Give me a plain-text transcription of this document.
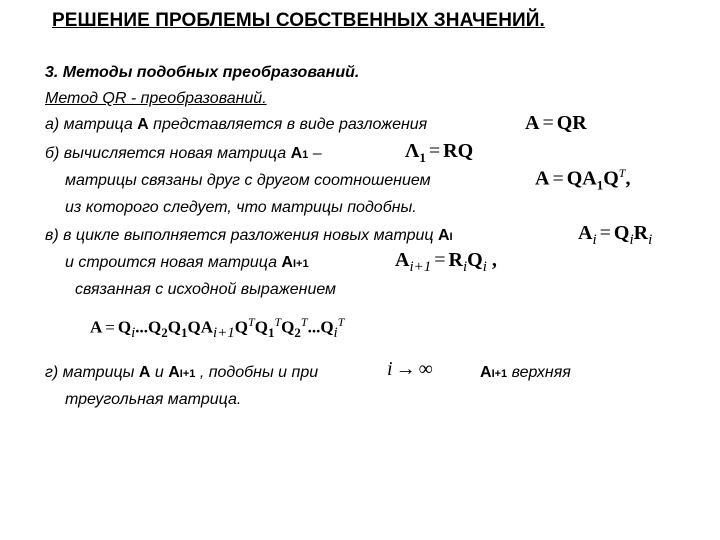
РЕШЕНИЕ ПРОБЛЕМЫ СОБСТВЕННЫХ ЗНАЧЕНИЙ.
3. Методы подобных преобразований.
Метод QR - преобразований.
а) матрица А представляется в виде разложения	A = QR
б) вычисляется новая матрица А1 –	$\Lambda_1$ = RQ
матрицы связаны друг с другом соотношением	$A = QA_1Q^T$,
из которого следует, что матрицы подобны.
в) в цикле выполняется разложения новых матриц АI	$A_i = Q_iR_i$
и строится новая матрица АI+1	$A_{i+1} = R_iQ_i$ ,
связанная с исходной выражением
$A = Q_i...Q_2Q_1QA_{i+1}Q^TQ_1^TQ_2^T...Q_i^T$
г) матрицы А и АI+1 , подобны и при	i → ∞	АI+1 верхняя
треугольная матрица.
